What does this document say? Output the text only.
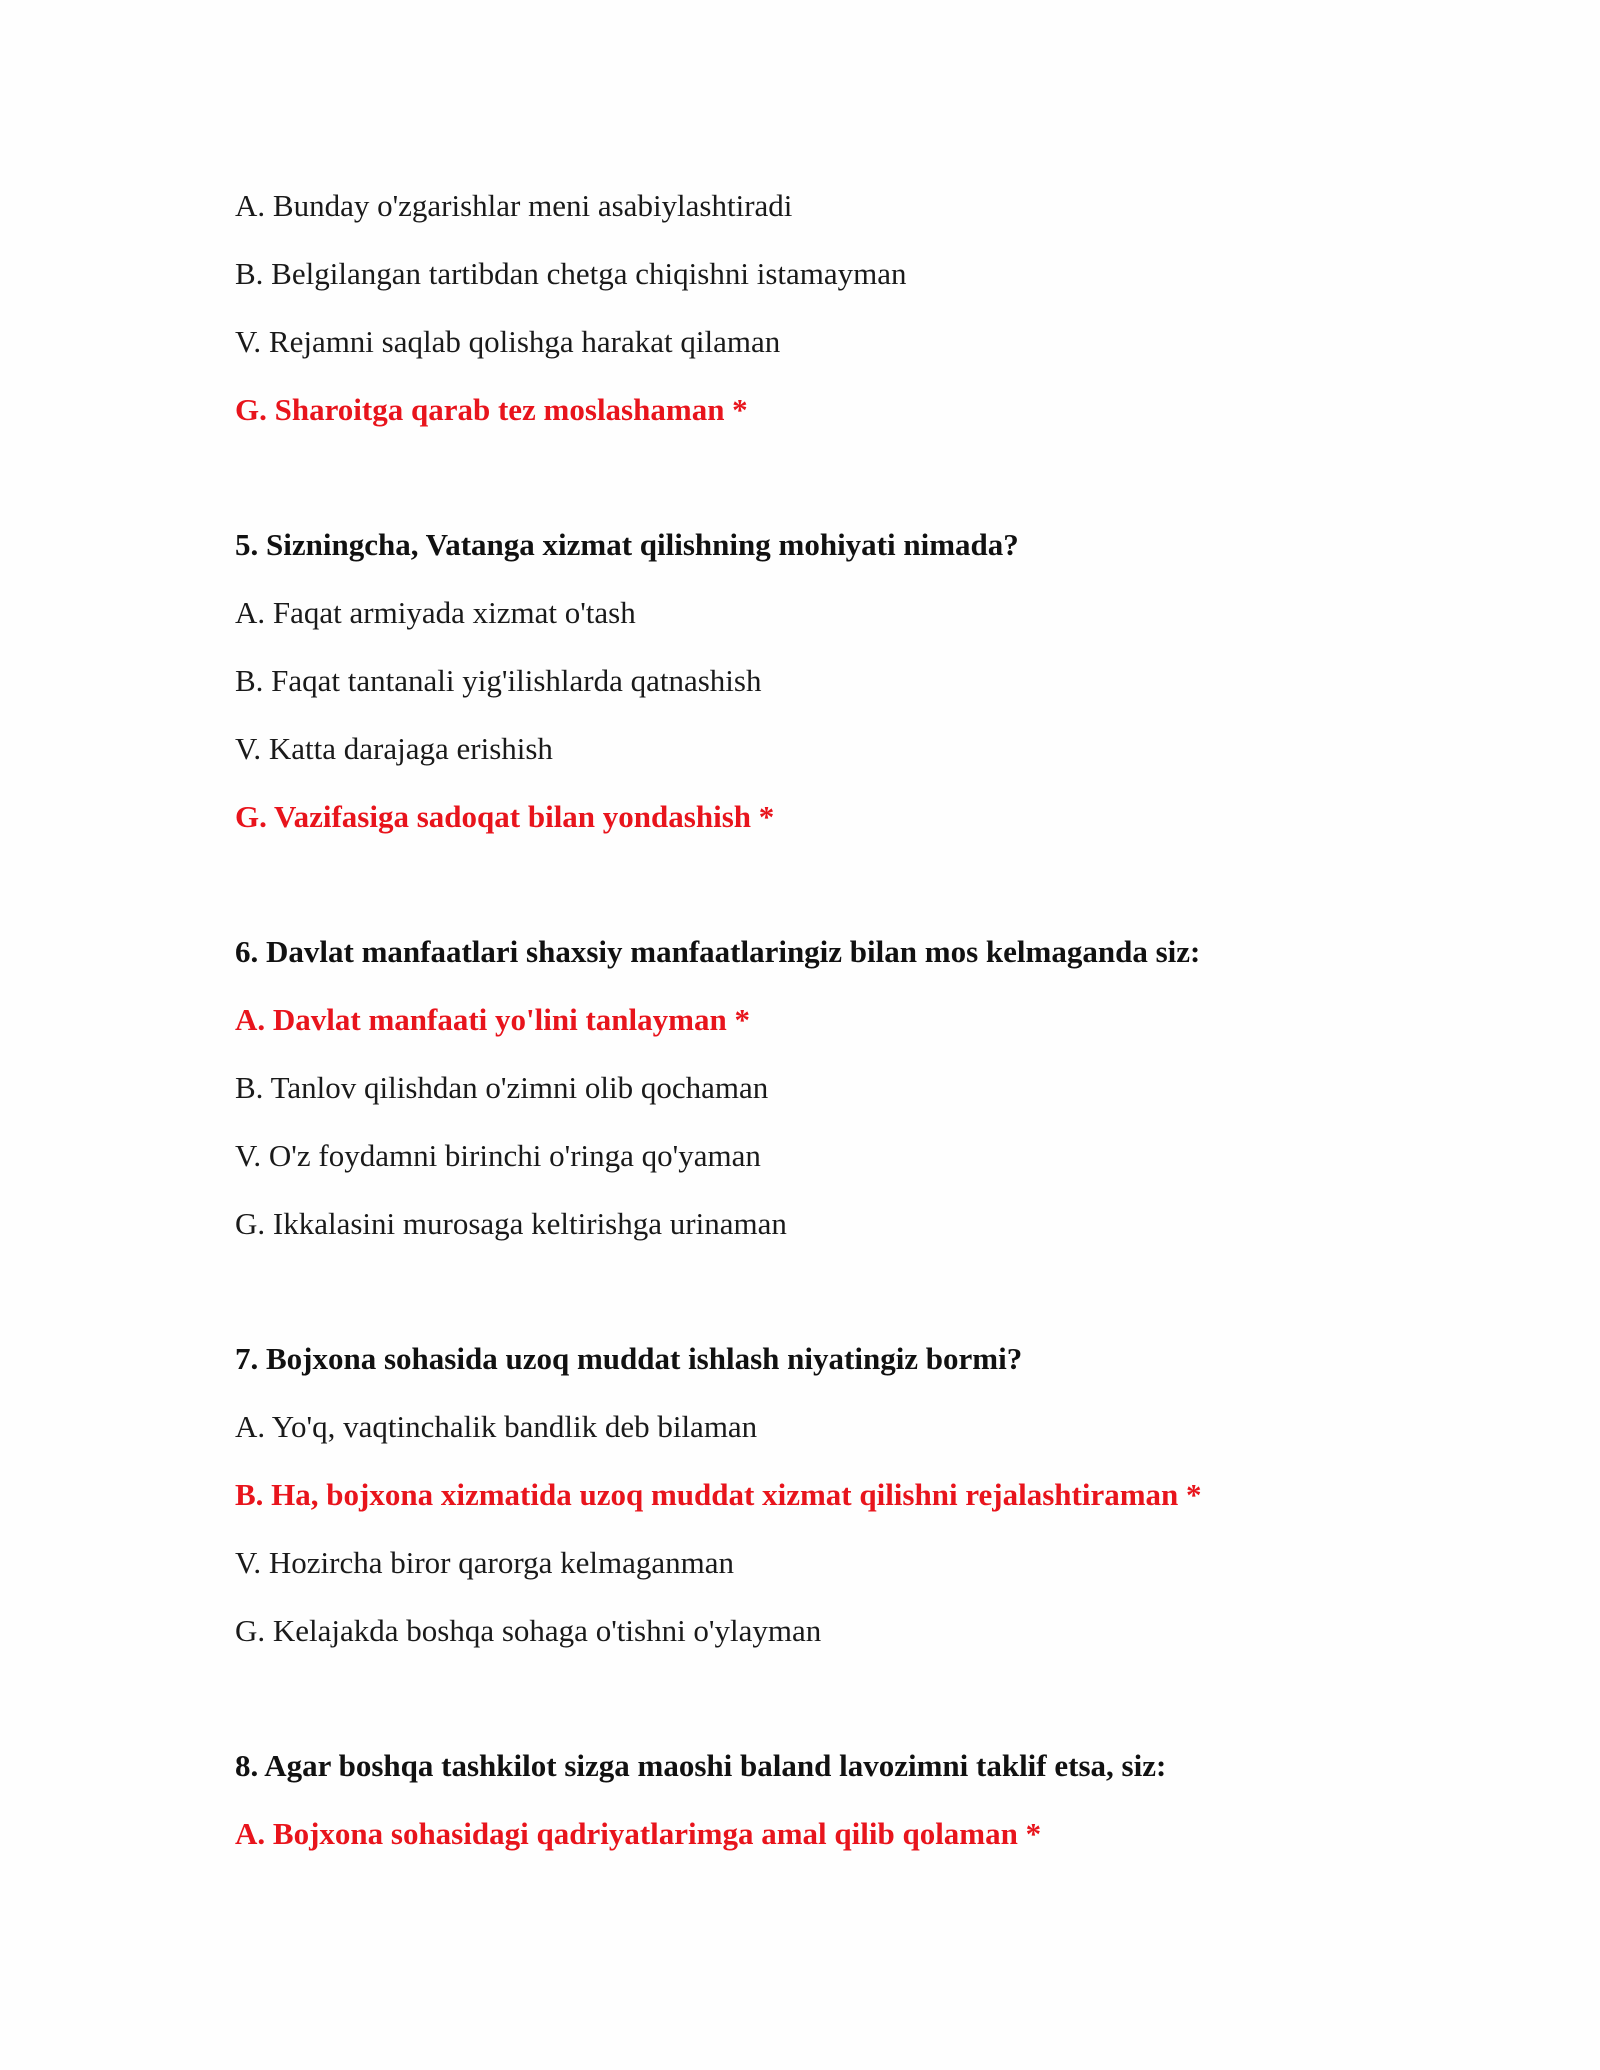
A. Bunday o'zgarishlar meni asabiylashtiradi
B. Belgilangan tartibdan chetga chiqishni istamayman
V. Rejamni saqlab qolishga harakat qilaman
G. Sharoitga qarab tez moslashaman *
5. Sizningcha, Vatanga xizmat qilishning mohiyati nimada?
A. Faqat armiyada xizmat o'tash
B. Faqat tantanali yig'ilishlarda qatnashish
V. Katta darajaga erishish
G. Vazifasiga sadoqat bilan yondashish *
6. Davlat manfaatlari shaxsiy manfaatlaringiz bilan mos kelmaganda siz:
A. Davlat manfaati yo'lini tanlayman *
B. Tanlov qilishdan o'zimni olib qochaman
V. O'z foydamni birinchi o'ringa qo'yaman
G. Ikkalasini murosaga keltirishga urinaman
7. Bojxona sohasida uzoq muddat ishlash niyatingiz bormi?
A. Yo'q, vaqtinchalik bandlik deb bilaman
B. Ha, bojxona xizmatida uzoq muddat xizmat qilishni rejalashtiraman *
V. Hozircha biror qarorga kelmaganman
G. Kelajakda boshqa sohaga o'tishni o'ylayman
8. Agar boshqa tashkilot sizga maoshi baland lavozimni taklif etsa, siz:
A. Bojxona sohasidagi qadriyatlarimga amal qilib qolaman *
